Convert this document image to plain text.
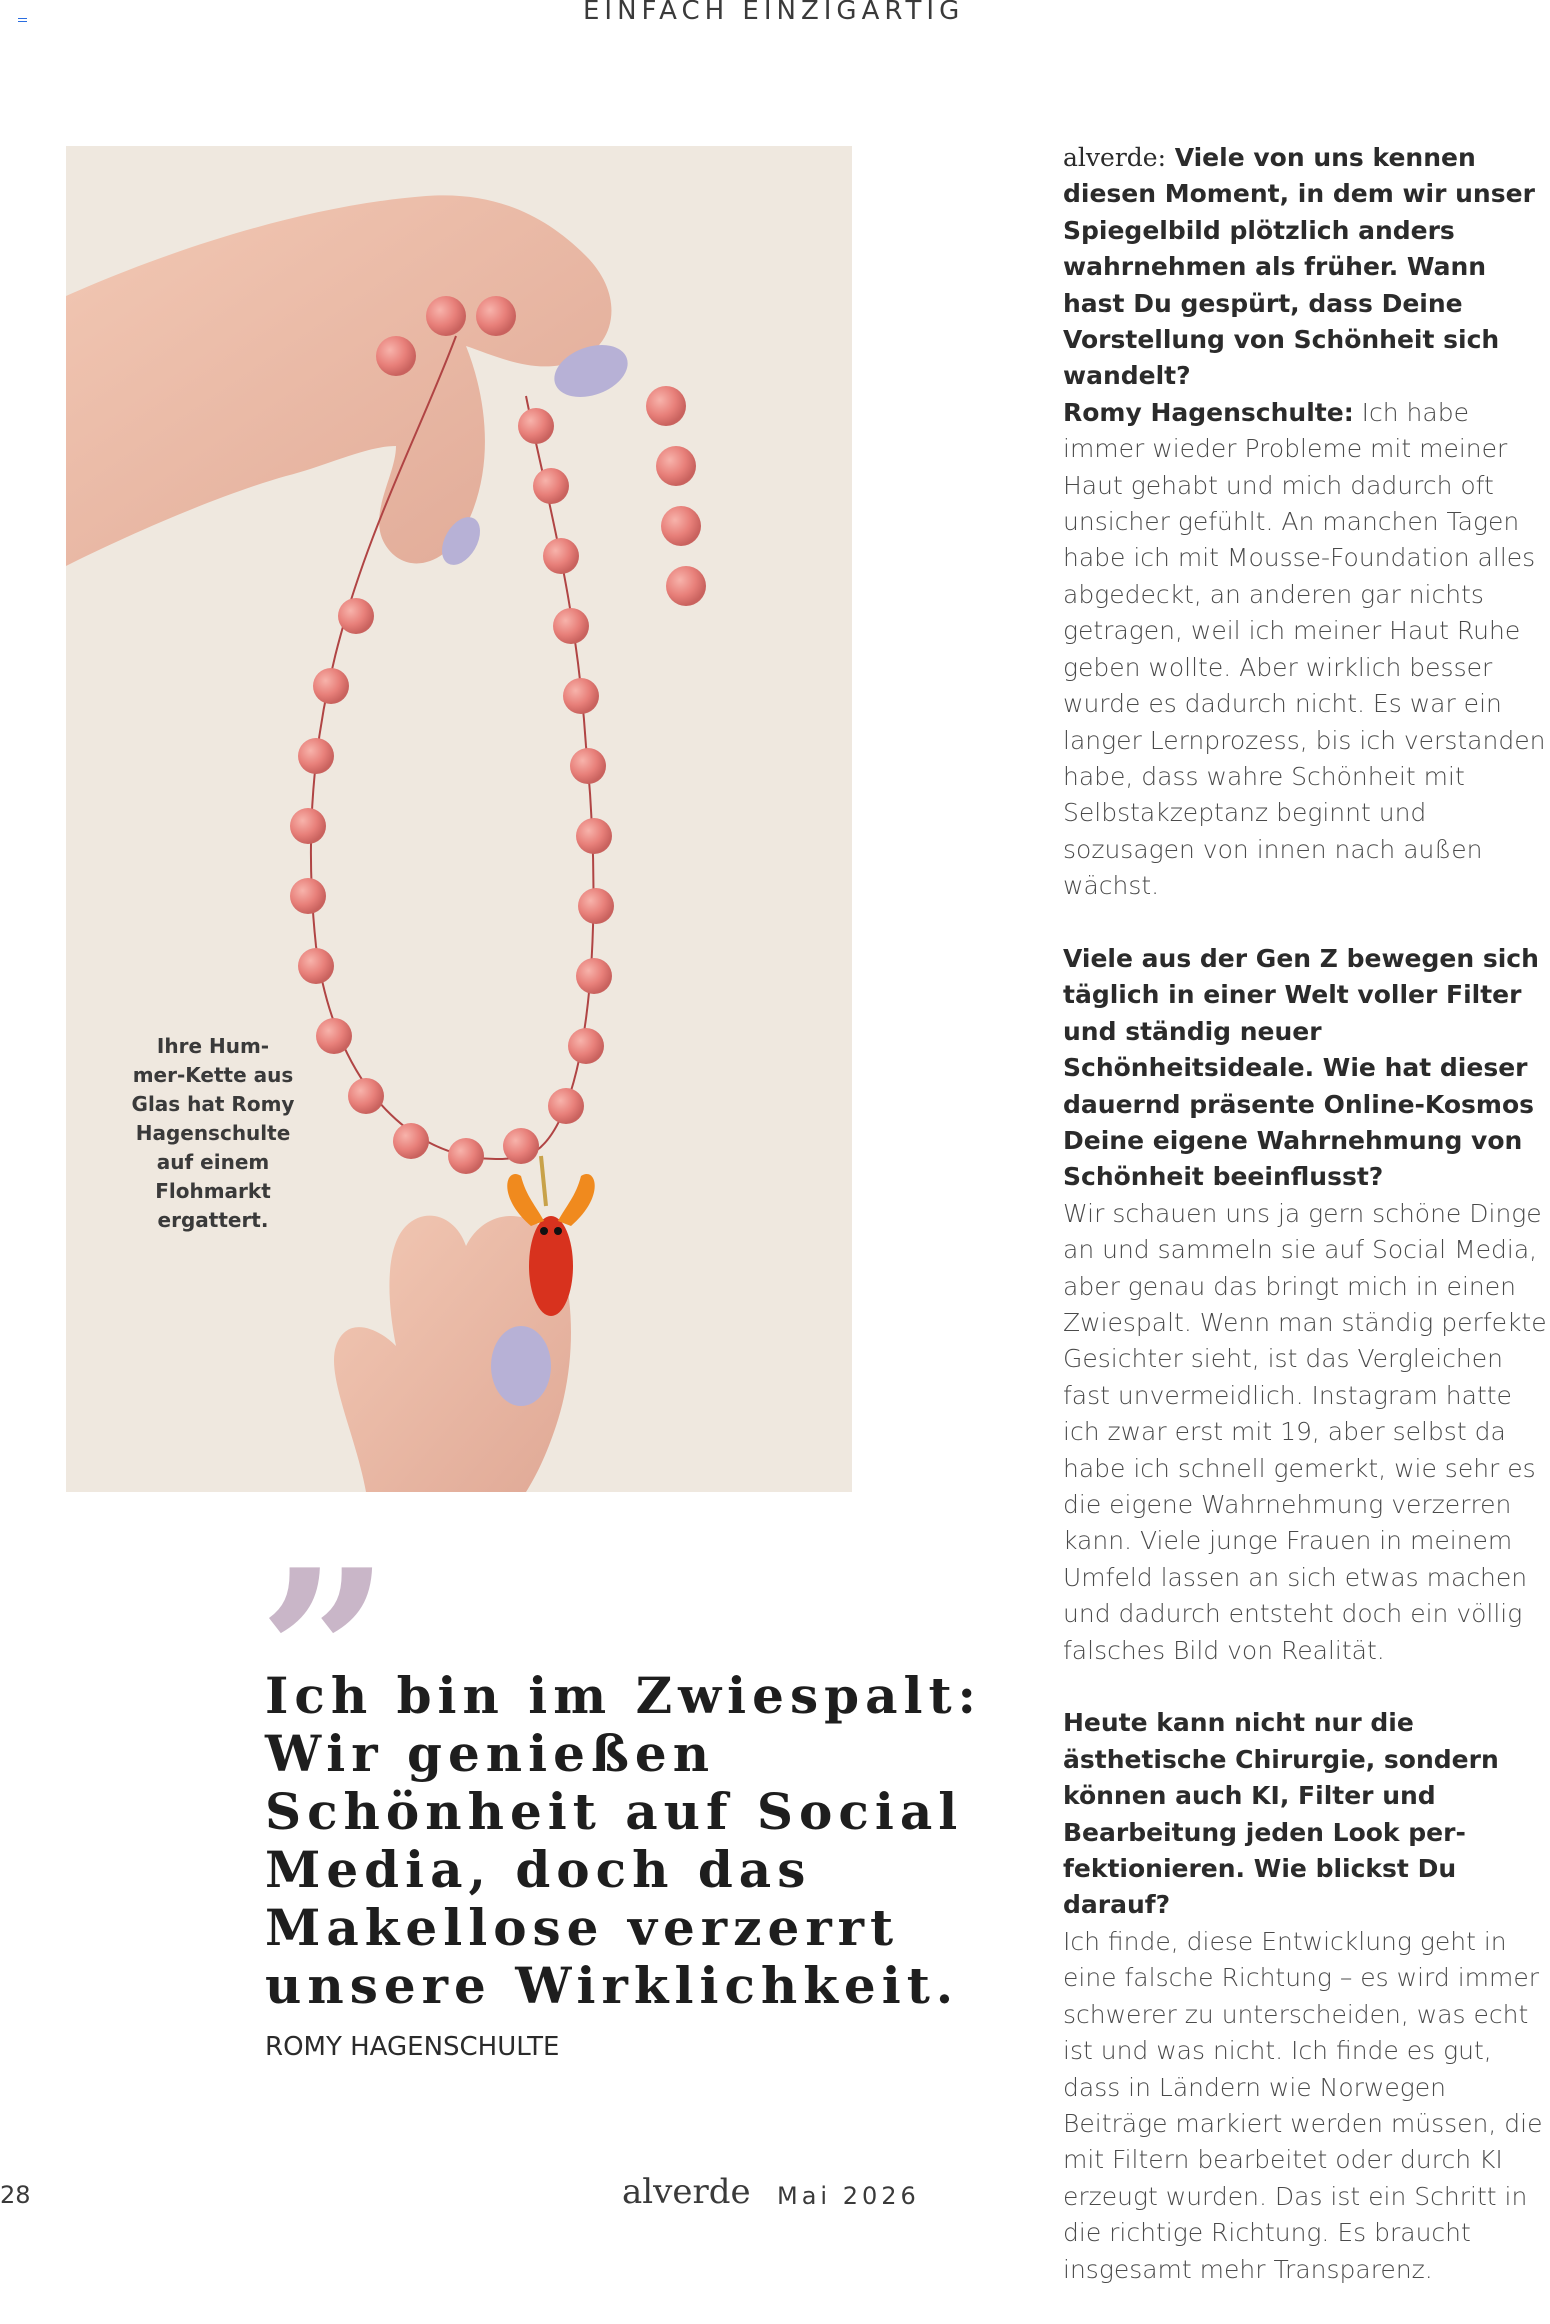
EINFACH EINZIGARTIG
Ihre Hum-
mer-Kette aus
Glas hat Romy
Hagenschulte
auf einem
Flohmarkt
ergattert.

alverde: Viele von uns kennen diesen Moment, in dem wir unser Spiegelbild plötzlich anders wahrnehmen als früher. Wann hast Du gespürt, dass Deine Vorstellung von Schönheit sich wandelt?
Romy Hagenschulte: Ich habe immer wieder Probleme mit meiner Haut gehabt und mich dadurch oft unsicher gefühlt. An manchen Tagen habe ich mit Mousse-Foundation alles abgedeckt, an anderen gar nichts getragen, weil ich meiner Haut Ruhe geben wollte. Aber wirklich besser wurde es dadurch nicht. Es war ein langer Lernprozess, bis ich verstanden habe, dass wahre Schönheit mit Selbstakzeptanz beginnt und sozusagen von innen nach außen wächst.

Viele aus der Gen Z bewegen sich täglich in einer Welt voller Filter und ständig neuer Schönheitsideale. Wie hat dieser dauernd präsente Online-Kosmos Deine eigene Wahrnehmung von Schönheit beeinflusst?
Wir schauen uns ja gern schöne Dinge an und sammeln sie auf Social Media, aber genau das bringt mich in einen Zwiespalt. Wenn man ständig perfekte Gesichter sieht, ist das Vergleichen fast unvermeidlich. Instagram hatte ich zwar erst mit 19, aber selbst da habe ich schnell gemerkt, wie sehr es die eigene Wahrnehmung verzerren kann. Viele junge Frauen in meinem Umfeld lassen an sich etwas machen und dadurch entsteht doch ein völlig falsches Bild von Realität.

Heute kann nicht nur die ästhetische Chirurgie, sondern können auch KI, Filter und Bearbeitung jeden Look perfektionieren. Wie blickst Du darauf?
Ich finde, diese Entwicklung geht in eine falsche Richtung – es wird immer schwerer zu unterscheiden, was echt ist und was nicht. Ich finde es gut, dass in Ländern wie Norwegen Beiträge markiert werden müssen, die mit Filtern bearbeitet oder durch KI erzeugt wurden. Das ist ein Schritt in die richtige Richtung. Es braucht insgesamt mehr Transparenz.

”
Ich bin im Zwiespalt: Wir genießen Schönheit auf Social Media, doch das Makellose verzerrt unsere Wirklichkeit.
ROMY HAGENSCHULTE
28	alverde Mai 2026
